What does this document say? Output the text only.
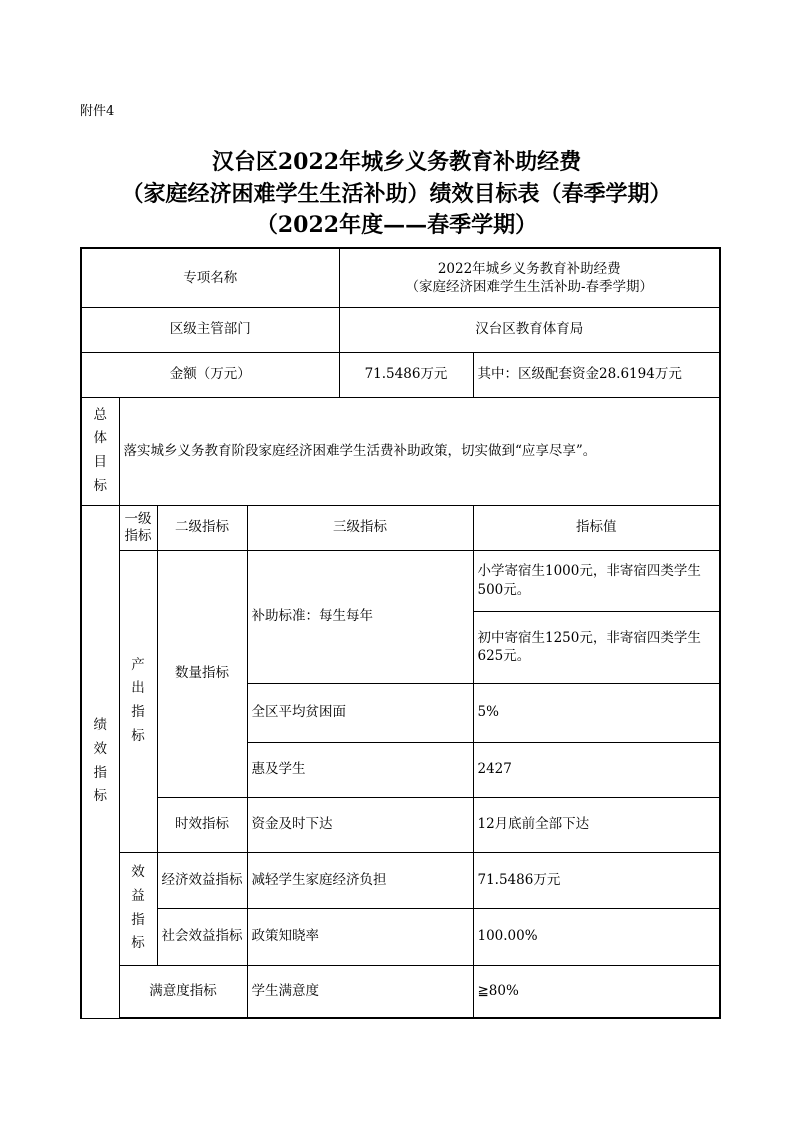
附件4
汉台区2022年城乡义务教育补助经费
（家庭经济困难学生生活补助）绩效目标表（春季学期）
（2022年度——春季学期）
专项名称				2022年城乡义务教育补助经费
（家庭经济困难学生生活补助-春季学期）	

区级主管部门				汉台区教育体育局	
金额（万元）				71.5486万元	其中：区级配套资金28.6194万元

总体目标	落实城乡义务教育阶段家庭经济困难学生活费补助政策，切实做到“应享尽享”。				

绩效指标	一级指标	二级指标	三级指标		指标值

	产出指标	数量指标	补助标准：每生每年		小学寄宿生1000元，非寄宿四类学生500元。
					初中寄宿生1250元，非寄宿四类学生625元。
			全区平均贫困面		5%
			惠及学生		2427
		时效指标	资金及时下达		12月底前全部下达

	效益指标	经济效益指标	减轻学生家庭经济负担		71.5486万元
		社会效益指标	政策知晓率		100.00%
	满意度指标		学生满意度		≧80%
